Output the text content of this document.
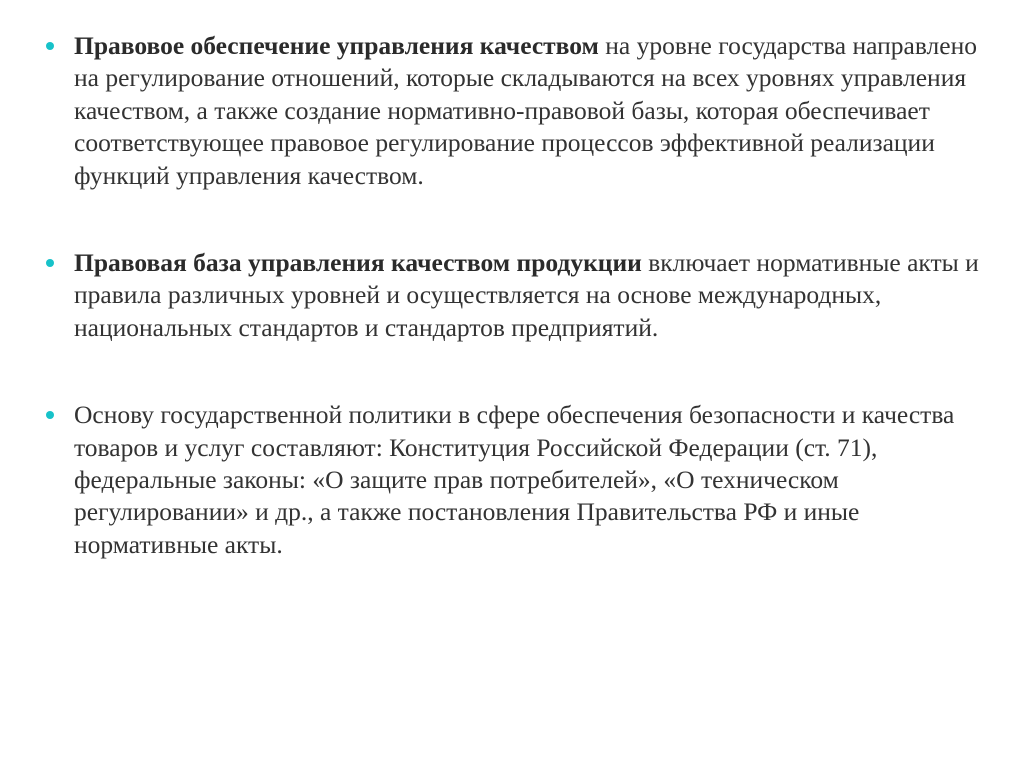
Правовое обеспечение управления качеством на уровне государства направлено на регулирование отношений, которые складываются на всех уровнях управления качеством, а также создание нормативно-правовой базы, которая обеспечивает соответствующее правовое регулирование процессов эффективной реализации функций управления качеством.
Правовая база управления качеством продукции включает нормативные акты и правила различных уровней и осуществляется на основе международных, национальных стандартов и стандартов предприятий.
Основу государственной политики в сфере обеспечения безопасности и качества товаров и услуг составляют: Конституция Российской Федерации (ст. 71), федеральные законы: «О защите прав потребителей», «О техническом регулировании» и др., а также постановления Правительства РФ и иные нормативные акты.
